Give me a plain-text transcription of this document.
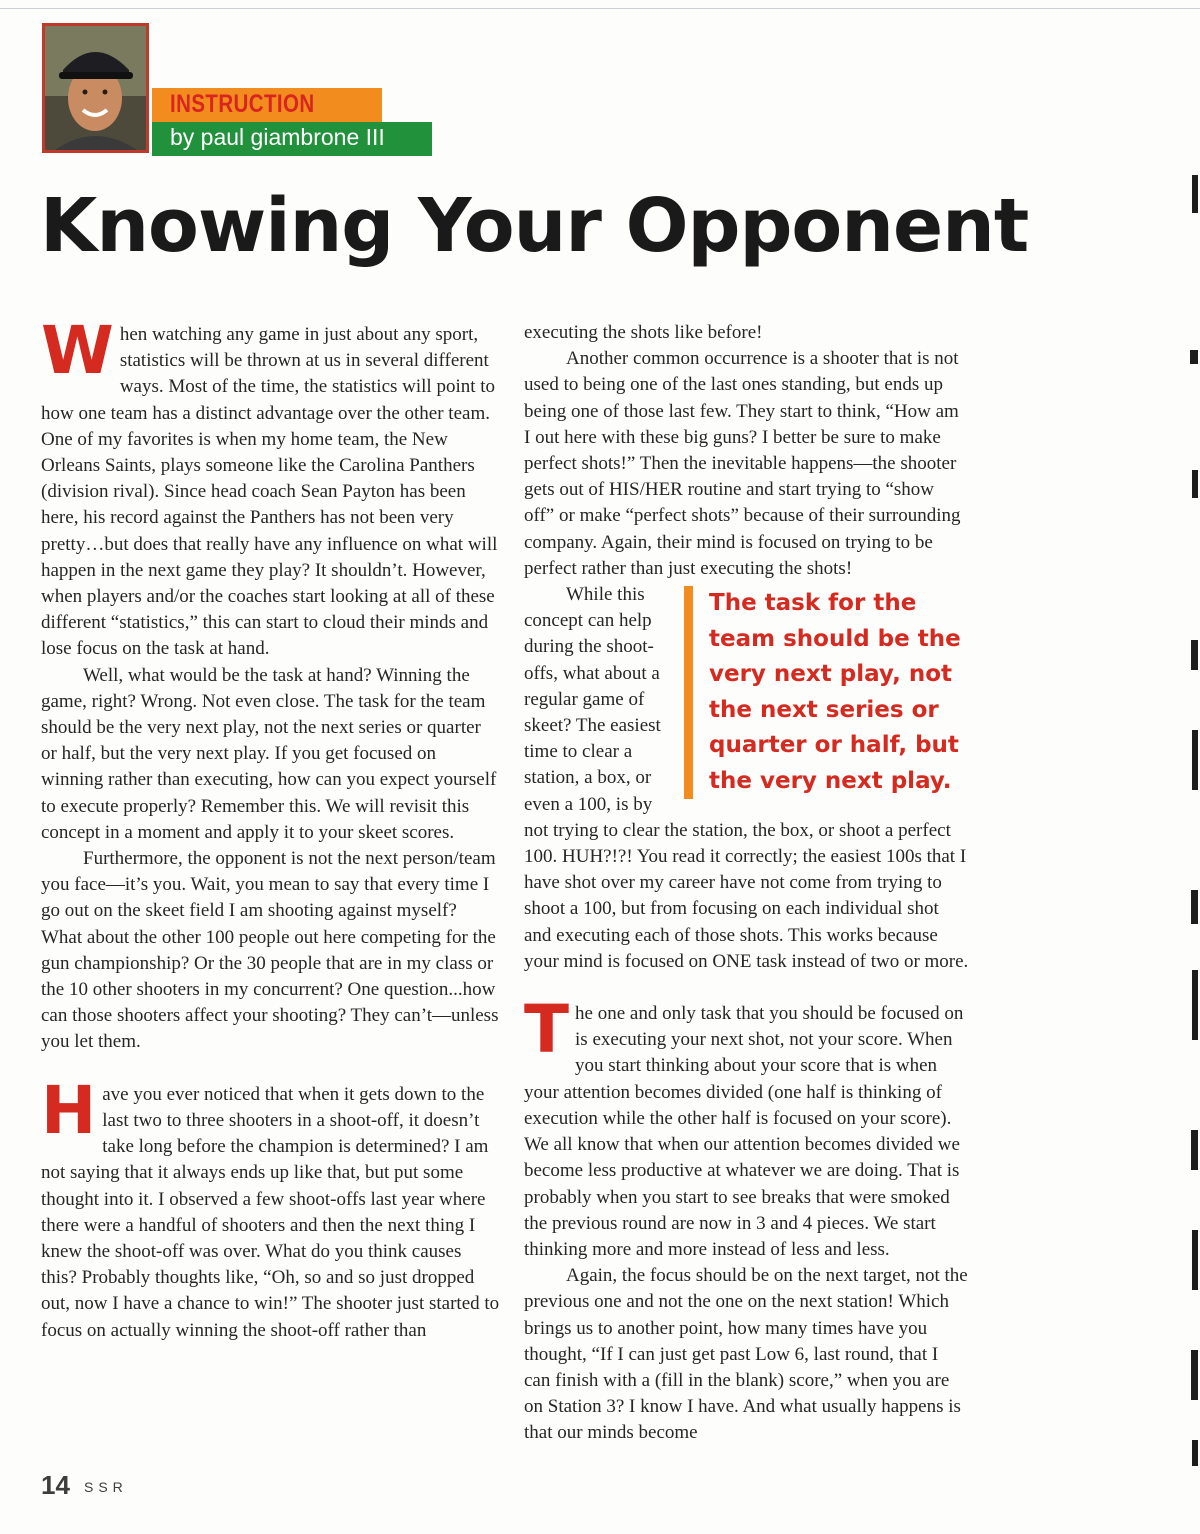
INSTRUCTION
by paul giambrone III
Knowing Your Opponent

When watching any game in just about any sport, statistics will be thrown at us in several different ways. Most of the time, the statistics will point to how one team has a distinct advantage over the other team. One of my favorites is when my home team, the New Orleans Saints, plays someone like the Carolina Panthers (division rival). Since head coach Sean Payton has been here, his record against the Panthers has not been very pretty…but does that really have any influence on what will happen in the next game they play? It shouldn’t. However, when players and/or the coaches start looking at all of these different “statistics,” this can start to cloud their minds and lose focus on the task at hand.

Well, what would be the task at hand? Winning the game, right? Wrong. Not even close. The task for the team should be the very next play, not the next series or quarter or half, but the very next play. If you get focused on winning rather than executing, how can you expect yourself to execute properly? Remember this. We will revisit this concept in a moment and apply it to your skeet scores.

Furthermore, the opponent is not the next person/team you face—it’s you. Wait, you mean to say that every time I go out on the skeet field I am shooting against myself? What about the other 100 people out here competing for the gun championship? Or the 30 people that are in my class or the 10 other shooters in my concurrent? One question...how can those shooters affect your shooting? They can’t—unless you let them.

Have you ever noticed that when it gets down to the last two to three shooters in a shoot-off, it doesn’t take long before the champion is determined? I am not saying that it always ends up like that, but put some thought into it. I observed a few shoot-offs last year where there were a handful of shooters and then the next thing I knew the shoot-off was over. What do you think causes this? Probably thoughts like, “Oh, so and so just dropped out, now I have a chance to win!” The shooter just started to focus on actually winning the shoot-off rather than

executing the shots like before!

Another common occurrence is a shooter that is not used to being one of the last ones standing, but ends up being one of those last few. They start to think, “How am I out here with these big guns? I better be sure to make perfect shots!” Then the inevitable happens—the shooter gets out of HIS/HER routine and start trying to “show off” or make “perfect shots” because of their surrounding company. Again, their mind is focused on trying to be perfect rather than just executing the shots!

The task for the team should be the very next play, not the next series or quarter or half, but the very next play.

While this concept can help during the shoot-offs, what about a regular game of skeet? The easiest time to clear a station, a box, or even a 100, is by not trying to clear the station, the box, or shoot a perfect 100. HUH?!?! You read it correctly; the easiest 100s that I have shot over my career have not come from trying to shoot a 100, but from focusing on each individual shot and executing each of those shots. This works because your mind is focused on ONE task instead of two or more.

The one and only task that you should be focused on is executing your next shot, not your score. When you start thinking about your score that is when your attention becomes divided (one half is thinking of execution while the other half is focused on your score). We all know that when our attention becomes divided we become less productive at whatever we are doing. That is probably when you start to see breaks that were smoked the previous round are now in 3 and 4 pieces. We start thinking more and more instead of less and less.

Again, the focus should be on the next target, not the previous one and not the one on the next station! Which brings us to another point, how many times have you thought, “If I can just get past Low 6, last round, that I can finish with a (fill in the blank) score,” when you are on Station 3? I know I have. And what usually happens is that our minds become

14 SSR
